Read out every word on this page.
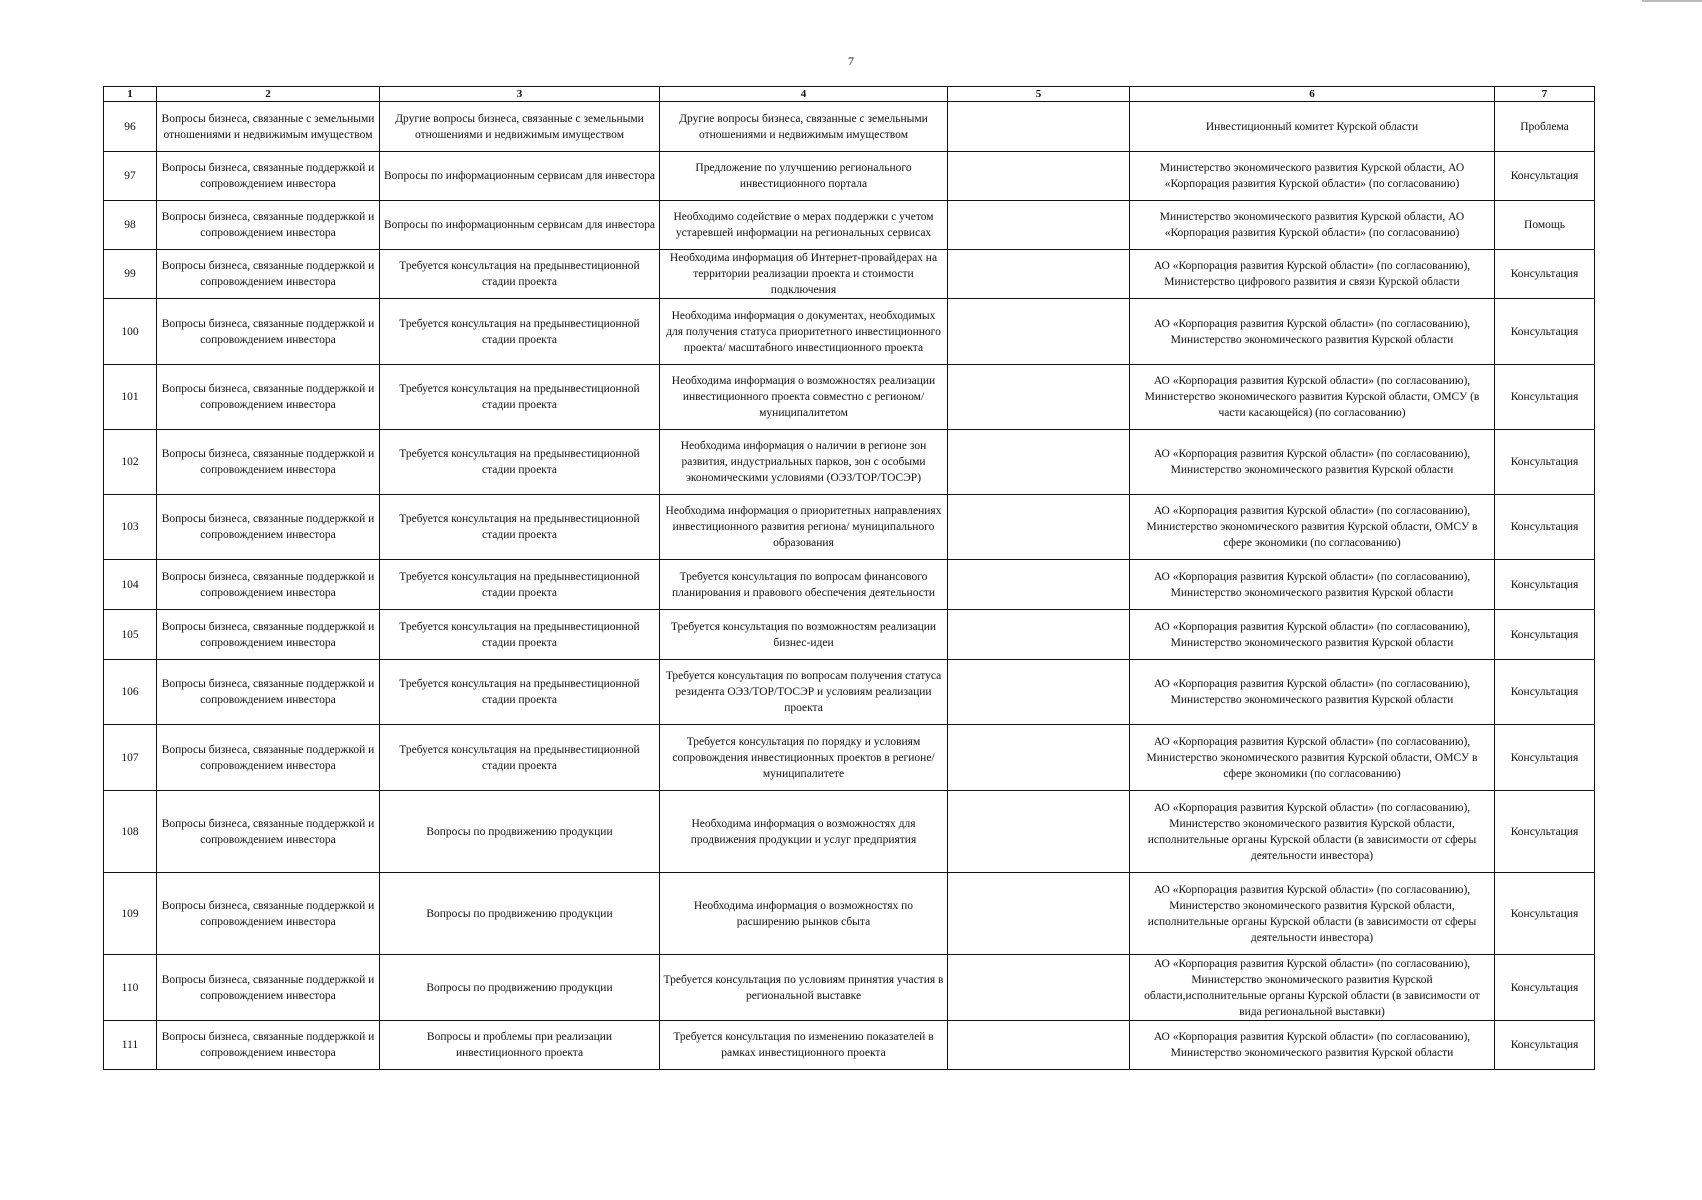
7
1	2	3	4	5	6	7
96	Вопросы бизнеса, связанные с земельными отношениями и недвижимым имуществом	Другие вопросы бизнеса, связанные с земельными отношениями и недвижимым имуществом	Другие вопросы бизнеса, связанные с земельными отношениями и недвижимым имуществом		Инвестиционный комитет Курской области	Проблема
97	Вопросы бизнеса, связанные поддержкой и сопровождением инвестора	Вопросы по информационным сервисам для инвестора	Предложение по улучшению регионального инвестиционного портала		Министерство экономического развития Курской области, АО «Корпорация развития Курской области» (по согласованию)	Консультация
98	Вопросы бизнеса, связанные поддержкой и сопровождением инвестора	Вопросы по информационным сервисам для инвестора	Необходимо содействие о мерах поддержки с учетом устаревшей информации на региональных сервисах		Министерство экономического развития Курской области, АО «Корпорация развития Курской области» (по согласованию)	Помощь
99	Вопросы бизнеса, связанные поддержкой и сопровождением инвестора	Требуется консультация на предынвестиционной стадии проекта	Необходима информация об Интернет-провайдерах на территории реализации проекта и стоимости подключения		АО «Корпорация развития Курской области» (по согласованию), Министерство цифрового развития и связи Курской области	Консультация
100	Вопросы бизнеса, связанные поддержкой и сопровождением инвестора	Требуется консультация на предынвестиционной стадии проекта	Необходима информация о документах, необходимых для получения статуса приоритетного инвестиционного проекта/ масштабного инвестиционного проекта		АО «Корпорация развития Курской области» (по согласованию), Министерство экономического развития Курской области	Консультация
101	Вопросы бизнеса, связанные поддержкой и сопровождением инвестора	Требуется консультация на предынвестиционной стадии проекта	Необходима информация о возможностях реализации инвестиционного проекта совместно с регионом/муниципалитетом		АО «Корпорация развития Курской области» (по согласованию), Министерство экономического развития Курской области, ОМСУ (в части касающейся) (по согласованию)	Консультация
102	Вопросы бизнеса, связанные поддержкой и сопровождением инвестора	Требуется консультация на предынвестиционной стадии проекта	Необходима информация о наличии в регионе зон развития, индустриальных парков, зон с особыми экономическими условиями (ОЭЗ/ТОР/ТОСЭР)		АО «Корпорация развития Курской области» (по согласованию), Министерство экономического развития Курской области	Консультация
103	Вопросы бизнеса, связанные поддержкой и сопровождением инвестора	Требуется консультация на предынвестиционной стадии проекта	Необходима информация о приоритетных направлениях инвестиционного развития региона/ муниципального образования		АО «Корпорация развития Курской области» (по согласованию), Министерство экономического развития Курской области, ОМСУ в сфере экономики (по согласованию)	Консультация
104	Вопросы бизнеса, связанные поддержкой и сопровождением инвестора	Требуется консультация на предынвестиционной стадии проекта	Требуется консультация по вопросам финансового планирования и правового обеспечения деятельности		АО «Корпорация развития Курской области» (по согласованию), Министерство экономического развития Курской области	Консультация
105	Вопросы бизнеса, связанные поддержкой и сопровождением инвестора	Требуется консультация на предынвестиционной стадии проекта	Требуется консультация по возможностям реализации бизнес-идеи		АО «Корпорация развития Курской области» (по согласованию), Министерство экономического развития Курской области	Консультация
106	Вопросы бизнеса, связанные поддержкой и сопровождением инвестора	Требуется консультация на предынвестиционной стадии проекта	Требуется консультация по вопросам получения статуса резидента ОЭЗ/ТОР/ТОСЭР и условиям реализации проекта		АО «Корпорация развития Курской области» (по согласованию), Министерство экономического развития Курской области	Консультация
107	Вопросы бизнеса, связанные поддержкой и сопровождением инвестора	Требуется консультация на предынвестиционной стадии проекта	Требуется консультация по порядку и условиям сопровождения инвестиционных проектов в регионе/муниципалитете		АО «Корпорация развития Курской области» (по согласованию), Министерство экономического развития Курской области, ОМСУ в сфере экономики (по согласованию)	Консультация
108	Вопросы бизнеса, связанные поддержкой и сопровождением инвестора	Вопросы по продвижению продукции	Необходима информация о возможностях для продвижения продукции и услуг предприятия		АО «Корпорация развития Курской области» (по согласованию), Министерство экономического развития Курской области, исполнительные органы Курской области (в зависимости от сферы деятельности инвестора)	Консультация
109	Вопросы бизнеса, связанные поддержкой и сопровождением инвестора	Вопросы по продвижению продукции	Необходима информация о возможностях по расширению рынков сбыта		АО «Корпорация развития Курской области» (по согласованию), Министерство экономического развития Курской области, исполнительные органы Курской области (в зависимости от сферы деятельности инвестора)	Консультация
110	Вопросы бизнеса, связанные поддержкой и сопровождением инвестора	Вопросы по продвижению продукции	Требуется консультация по условиям принятия участия в региональной выставке		АО «Корпорация развития Курской области» (по согласованию), Министерство экономического развития Курской области,исполнительные органы Курской области (в зависимости от вида региональной выставки)	Консультация
111	Вопросы бизнеса, связанные поддержкой и сопровождением инвестора	Вопросы и проблемы при реализации инвестиционного проекта	Требуется консультация по изменению показателей в рамках инвестиционного проекта		АО «Корпорация развития Курской области» (по согласованию), Министерство экономического развития Курской области	Консультация
